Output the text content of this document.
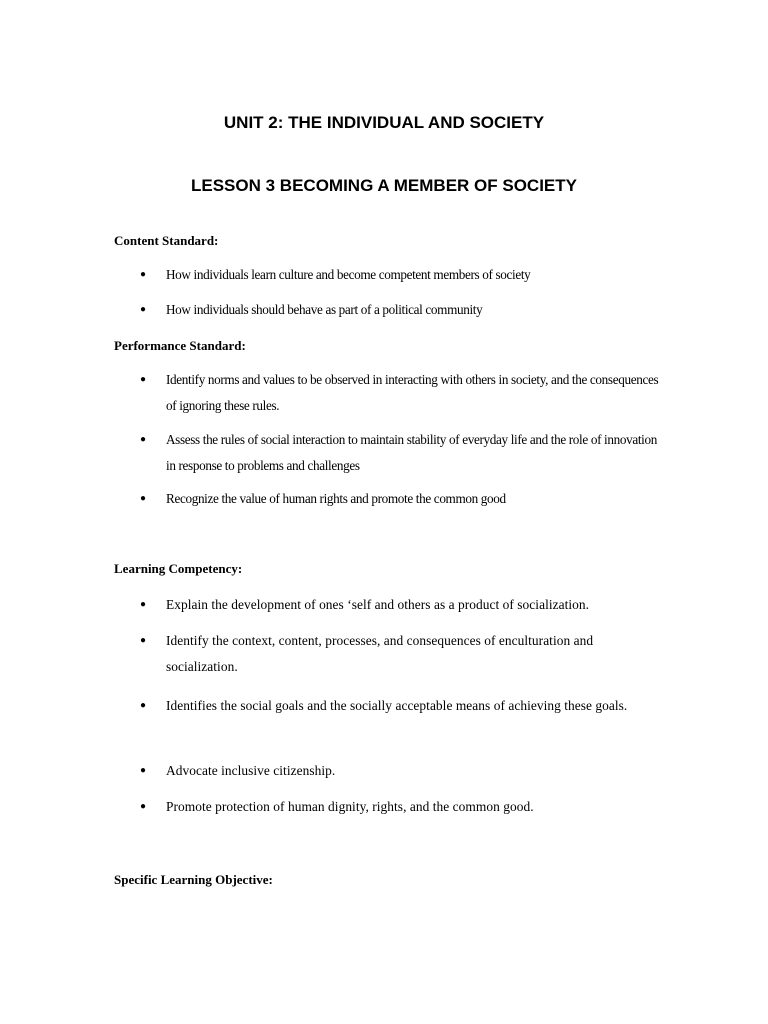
UNIT 2: THE INDIVIDUAL AND SOCIETY
LESSON 3 BECOMING A MEMBER OF SOCIETY

Content Standard:

●	How individuals learn culture and become competent members of society
●	How individuals should behave as part of a political community

Performance Standard:

●	Identify norms and values to be observed in interacting with others in society, and the consequences of ignoring these rules.
●	Assess the rules of social interaction to maintain stability of everyday life and the role of innovation in response to problems and challenges
●	Recognize the value of human rights and promote the common good

Learning Competency:

●	Explain the development of ones ‘self and others as a product of socialization.
●	Identify the context, content, processes, and consequences of enculturation and socialization.
●	Identifies the social goals and the socially acceptable means of achieving these goals.
●	Advocate inclusive citizenship.
●	Promote protection of human dignity, rights, and the common good.

Specific Learning Objective:
